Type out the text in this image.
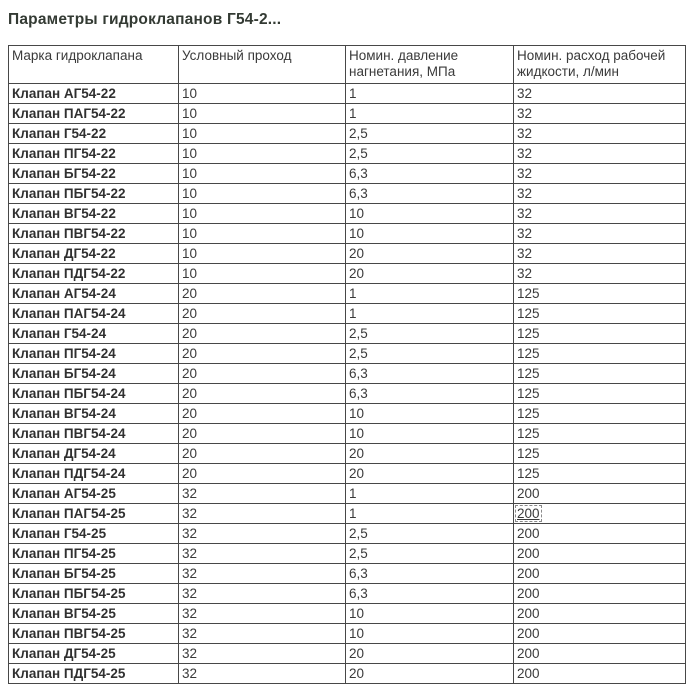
Параметры гидроклапанов Г54-2...
Марка гидроклапана	Условный проход	Номин. давление нагнетания, МПа	Номин. расход рабочей жидкости, л/мин
Клапан АГ54-22	10	1	32
Клапан ПАГ54-22	10	1	32
Клапан Г54-22	10	2,5	32
Клапан ПГ54-22	10	2,5	32
Клапан БГ54-22	10	6,3	32
Клапан ПБГ54-22	10	6,3	32
Клапан ВГ54-22	10	10	32
Клапан ПВГ54-22	10	10	32
Клапан ДГ54-22	10	20	32
Клапан ПДГ54-22	10	20	32
Клапан АГ54-24	20	1	125
Клапан ПАГ54-24	20	1	125
Клапан Г54-24	20	2,5	125
Клапан ПГ54-24	20	2,5	125
Клапан БГ54-24	20	6,3	125
Клапан ПБГ54-24	20	6,3	125
Клапан ВГ54-24	20	10	125
Клапан ПВГ54-24	20	10	125
Клапан ДГ54-24	20	20	125
Клапан ПДГ54-24	20	20	125
Клапан АГ54-25	32	1	200
Клапан ПАГ54-25	32	1	200
Клапан Г54-25	32	2,5	200
Клапан ПГ54-25	32	2,5	200
Клапан БГ54-25	32	6,3	200
Клапан ПБГ54-25	32	6,3	200
Клапан ВГ54-25	32	10	200
Клапан ПВГ54-25	32	10	200
Клапан ДГ54-25	32	20	200
Клапан ПДГ54-25	32	20	200
